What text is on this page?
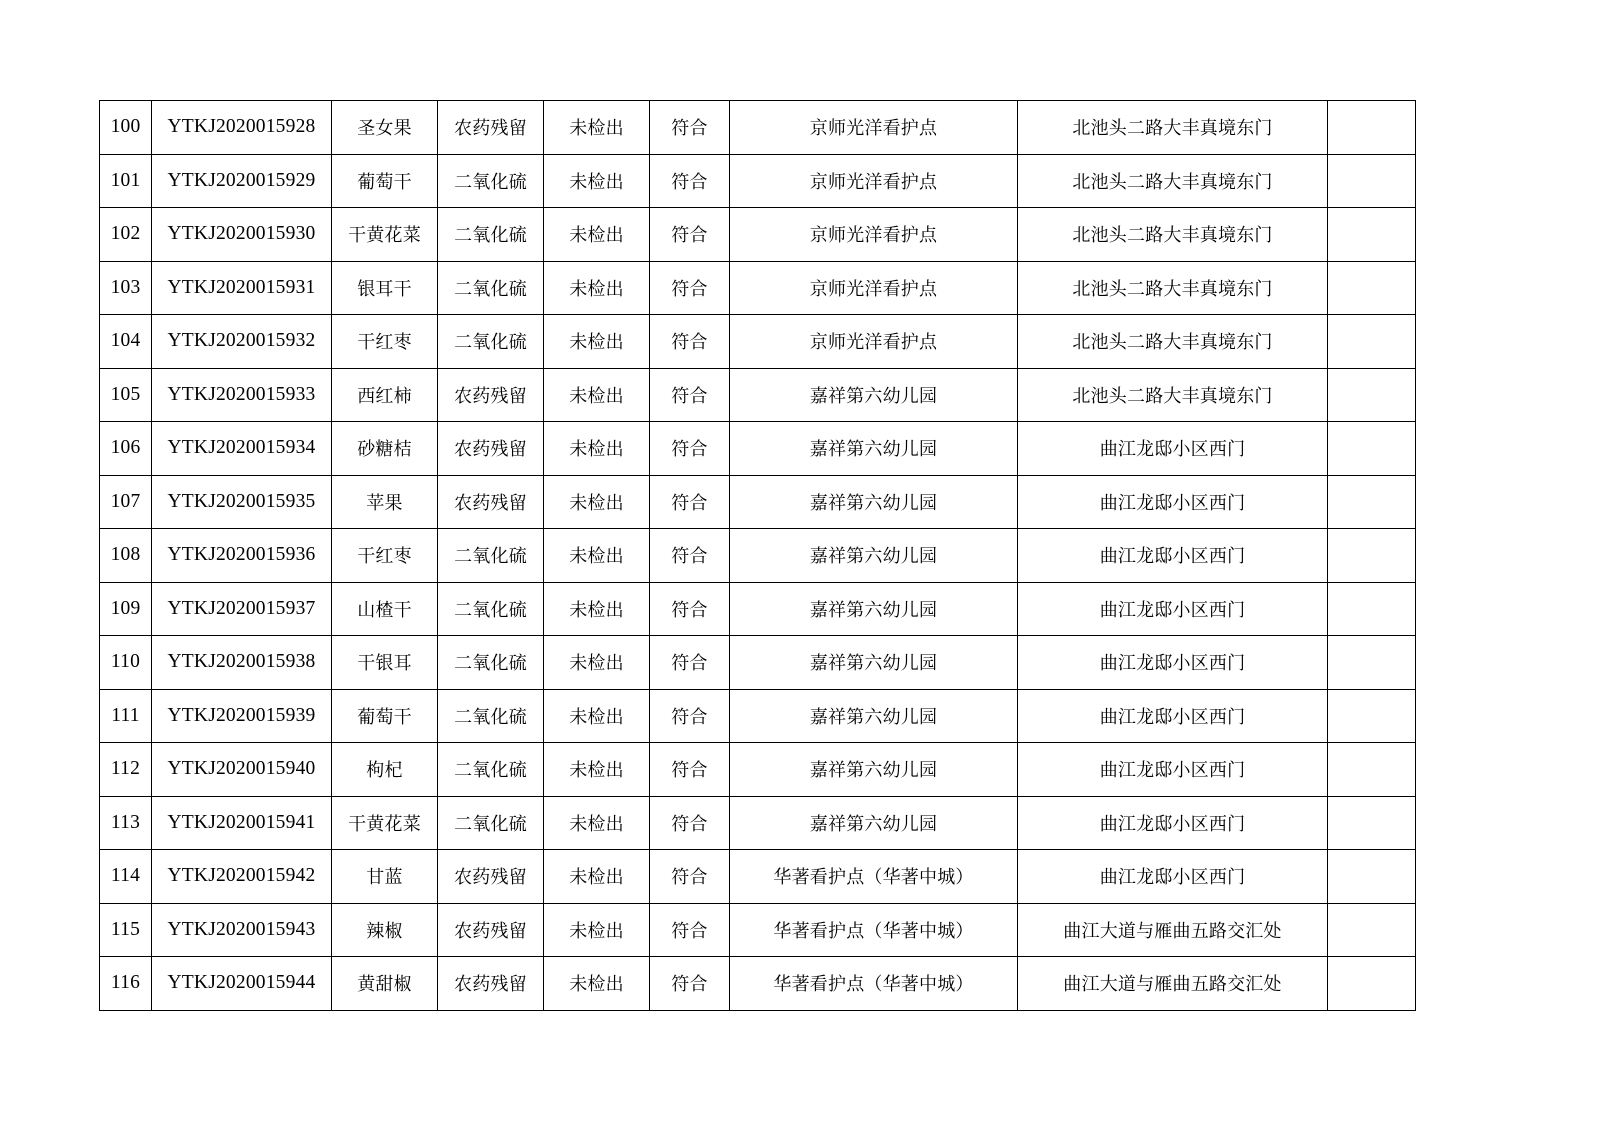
100	YTKJ2020015928	圣女果	农药残留	未检出	符合	京师光洋看护点	北池头二路大丰真境东门	
101	YTKJ2020015929	葡萄干	二氧化硫	未检出	符合	京师光洋看护点	北池头二路大丰真境东门	
102	YTKJ2020015930	干黄花菜	二氧化硫	未检出	符合	京师光洋看护点	北池头二路大丰真境东门	
103	YTKJ2020015931	银耳干	二氧化硫	未检出	符合	京师光洋看护点	北池头二路大丰真境东门	
104	YTKJ2020015932	干红枣	二氧化硫	未检出	符合	京师光洋看护点	北池头二路大丰真境东门	
105	YTKJ2020015933	西红柿	农药残留	未检出	符合	嘉祥第六幼儿园	北池头二路大丰真境东门	
106	YTKJ2020015934	砂糖桔	农药残留	未检出	符合	嘉祥第六幼儿园	曲江龙邸小区西门	
107	YTKJ2020015935	苹果	农药残留	未检出	符合	嘉祥第六幼儿园	曲江龙邸小区西门	
108	YTKJ2020015936	干红枣	二氧化硫	未检出	符合	嘉祥第六幼儿园	曲江龙邸小区西门	
109	YTKJ2020015937	山楂干	二氧化硫	未检出	符合	嘉祥第六幼儿园	曲江龙邸小区西门	
110	YTKJ2020015938	干银耳	二氧化硫	未检出	符合	嘉祥第六幼儿园	曲江龙邸小区西门	
111	YTKJ2020015939	葡萄干	二氧化硫	未检出	符合	嘉祥第六幼儿园	曲江龙邸小区西门	
112	YTKJ2020015940	枸杞	二氧化硫	未检出	符合	嘉祥第六幼儿园	曲江龙邸小区西门	
113	YTKJ2020015941	干黄花菜	二氧化硫	未检出	符合	嘉祥第六幼儿园	曲江龙邸小区西门	
114	YTKJ2020015942	甘蓝	农药残留	未检出	符合	华著看护点（华著中城）	曲江龙邸小区西门	
115	YTKJ2020015943	辣椒	农药残留	未检出	符合	华著看护点（华著中城）	曲江大道与雁曲五路交汇处	
116	YTKJ2020015944	黄甜椒	农药残留	未检出	符合	华著看护点（华著中城）	曲江大道与雁曲五路交汇处	
